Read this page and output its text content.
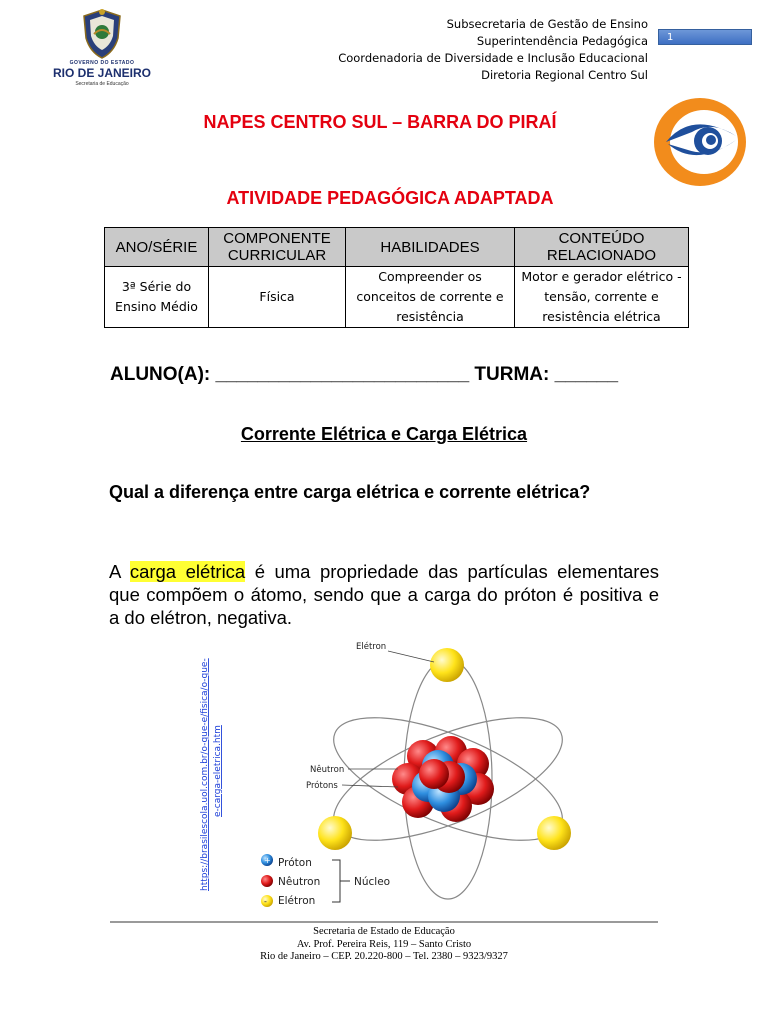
GOVERNO DO ESTADO
RIO DE JANEIRO
Secretaria de Educação
Subsecretaria de Gestão de Ensino
Superintendência Pedagógica
Coordenadoria de Diversidade e Inclusão Educacional
Diretoria Regional Centro Sul
1
NAPES CENTRO SUL – BARRA DO PIRAÍ
ATIVIDADE PEDAGÓGICA ADAPTADA
ANO/SÉRIE	COMPONENTE CURRICULAR	HABILIDADES	CONTEÚDO RELACIONADO
3ª Série do Ensino Médio	Física	Compreender os conceitos de corrente e resistência	Motor e gerador elétrico -tensão, corrente e resistência elétrica
ALUNO(A): ________________________ TURMA: ______
Corrente Elétrica e Carga Elétrica
Qual a diferença entre carga elétrica e corrente elétrica?
A carga elétrica é uma propriedade das partículas elementares que compõem o átomo, sendo que a carga do próton é positiva e a do elétron, negativa.
https://brasilescola.uol.com.br/o-que-e/fisica/o-que- e-carga-eletrica.htm
Elétron
Nêutron
Prótons
+ Próton
Nêutron
- Elétron
Núcleo
Secretaria de Estado de Educação
Av. Prof. Pereira Reis, 119 – Santo Cristo
Rio de Janeiro – CEP. 20.220-800 – Tel. 2380 – 9323/9327
